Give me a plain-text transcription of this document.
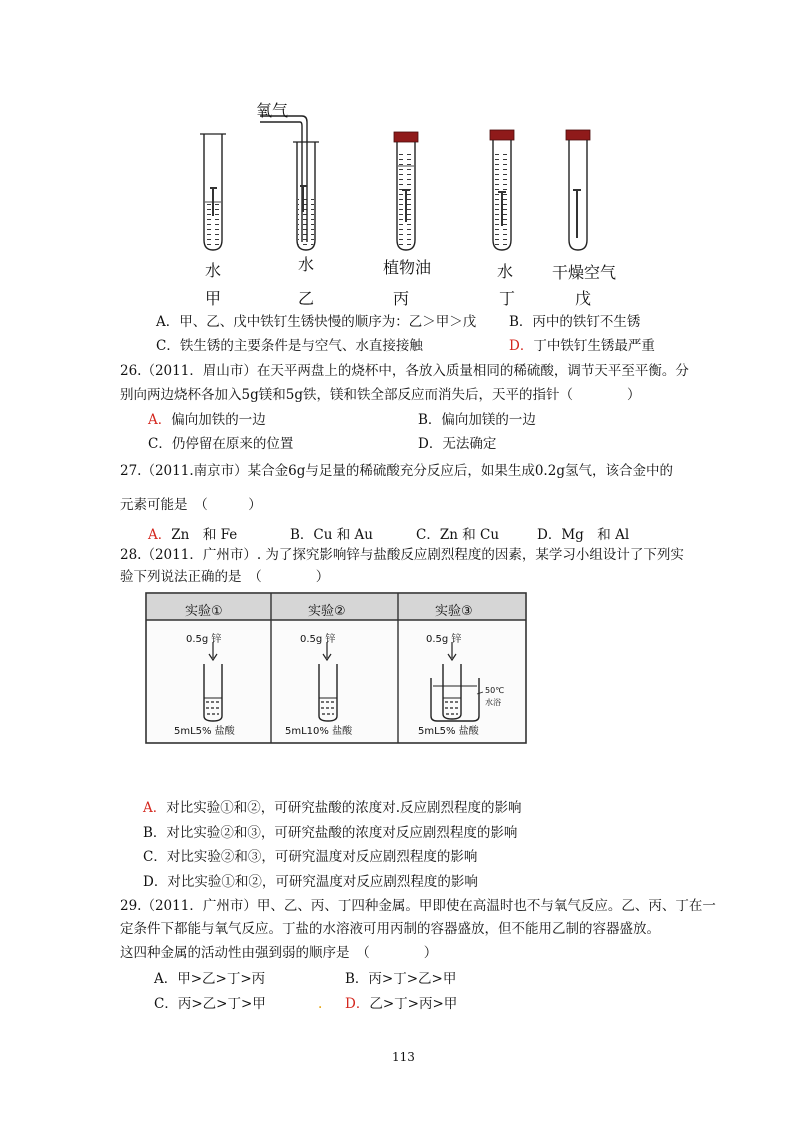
氧气
水	水	植物油	水 干燥空气
甲	乙	丙	丁	戊
A．甲、乙、戊中铁钉生锈快慢的顺序为：乙＞甲＞戊 B．丙中的铁钉不生锈
C．铁生锈的主要条件是与空气、水直接接触	D．丁中铁钉生锈最严重
26.（2011．眉山市）在天平两盘上的烧杯中，各放入质量相同的稀硫酸，调节天平至平衡。分
别向两边烧杯各加入5g镁和5g铁，镁和铁全部反应而消失后，天平的指针（　　　　）
A．偏向加铁的一边	B．偏向加镁的一边
C．仍停留在原来的位置	D．无法确定
27.（2011.南京市）某合金6g与足量的稀硫酸充分反应后，如果生成0.2g氢气，该合金中的
元素可能是　（　　　）
A．Zn　和 Fe	B．Cu 和 Au	C．Zn 和 Cu	D．Mg　和 Al
28.（2011．广州市）. 为了探究影响锌与盐酸反应剧烈程度的因素，某学习小组设计了下列实
验下列说法正确的是　（　　　　）
实验①	实验②	实验③
0.5g 锌	0.5g 锌	0.5g 锌
50℃
水浴
5mL5% 盐酸	5mL10% 盐酸	5mL5% 盐酸
A．对比实验①和②，可研究盐酸的浓度对.反应剧烈程度的影响
B．对比实验②和③，可研究盐酸的浓度对反应剧烈程度的影响
C．对比实验②和③，可研究温度对反应剧烈程度的影响
D．对比实验①和②，可研究温度对反应剧烈程度的影响
29.（2011．广州市）甲、乙、丙、丁四种金属。甲即使在高温时也不与氧气反应。乙、丙、丁在一
定条件下都能与氧气反应。丁盐的水溶液可用丙制的容器盛放，但不能用乙制的容器盛放。
这四种金属的活动性由强到弱的顺序是　（　　　　）
A．甲>乙>丁>丙	B．丙>丁>乙>甲
C．丙>乙>丁>甲	. D．乙>丁>丙>甲
113
